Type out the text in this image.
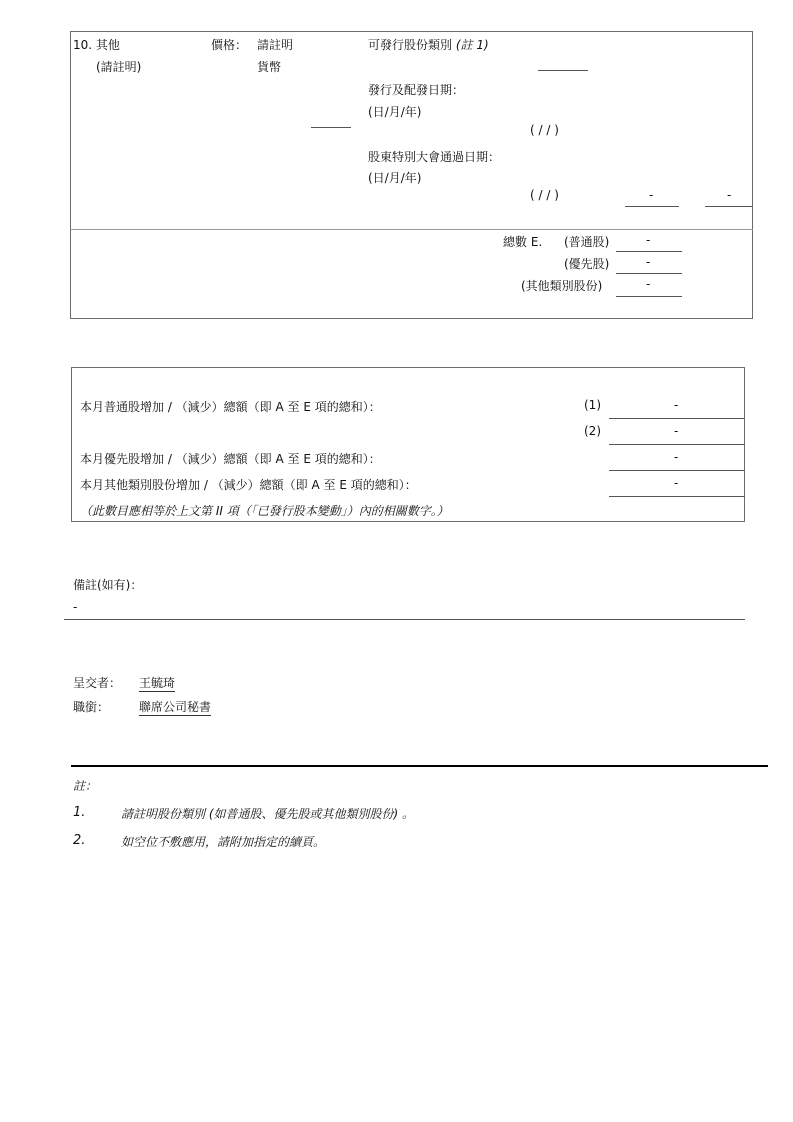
10. 其他
(請註明)
價格： 請註明
貨幣
可發行股份類別 (註 1)
發行及配發日期：
(日/月/年)
( / / )
股東特別大會通過日期：
(日/月/年)
( / / )	-	-
總數 E. (普通股)	-
(優先股)	-
(其他類別股份)	-
本月普通股增加 / （減少）總額（即 A 至 E 項的總和）：	(1)	-
(2)	-
本月優先股增加 / （減少）總額（即 A 至 E 項的總和）：	-
本月其他類別股份增加 / （減少）總額（即 A 至 E 項的總和）：	-
（此數目應相等於上文第 II 項（「已發行股本變動」）內的相關數字。）
備註(如有)：
-
呈交者： 王毓琦
職銜： 聯席公司秘書
註：
1.	請註明股份類別 (如普通股、優先股或其他類別股份) 。
2.	如空位不敷應用，請附加指定的續頁。
